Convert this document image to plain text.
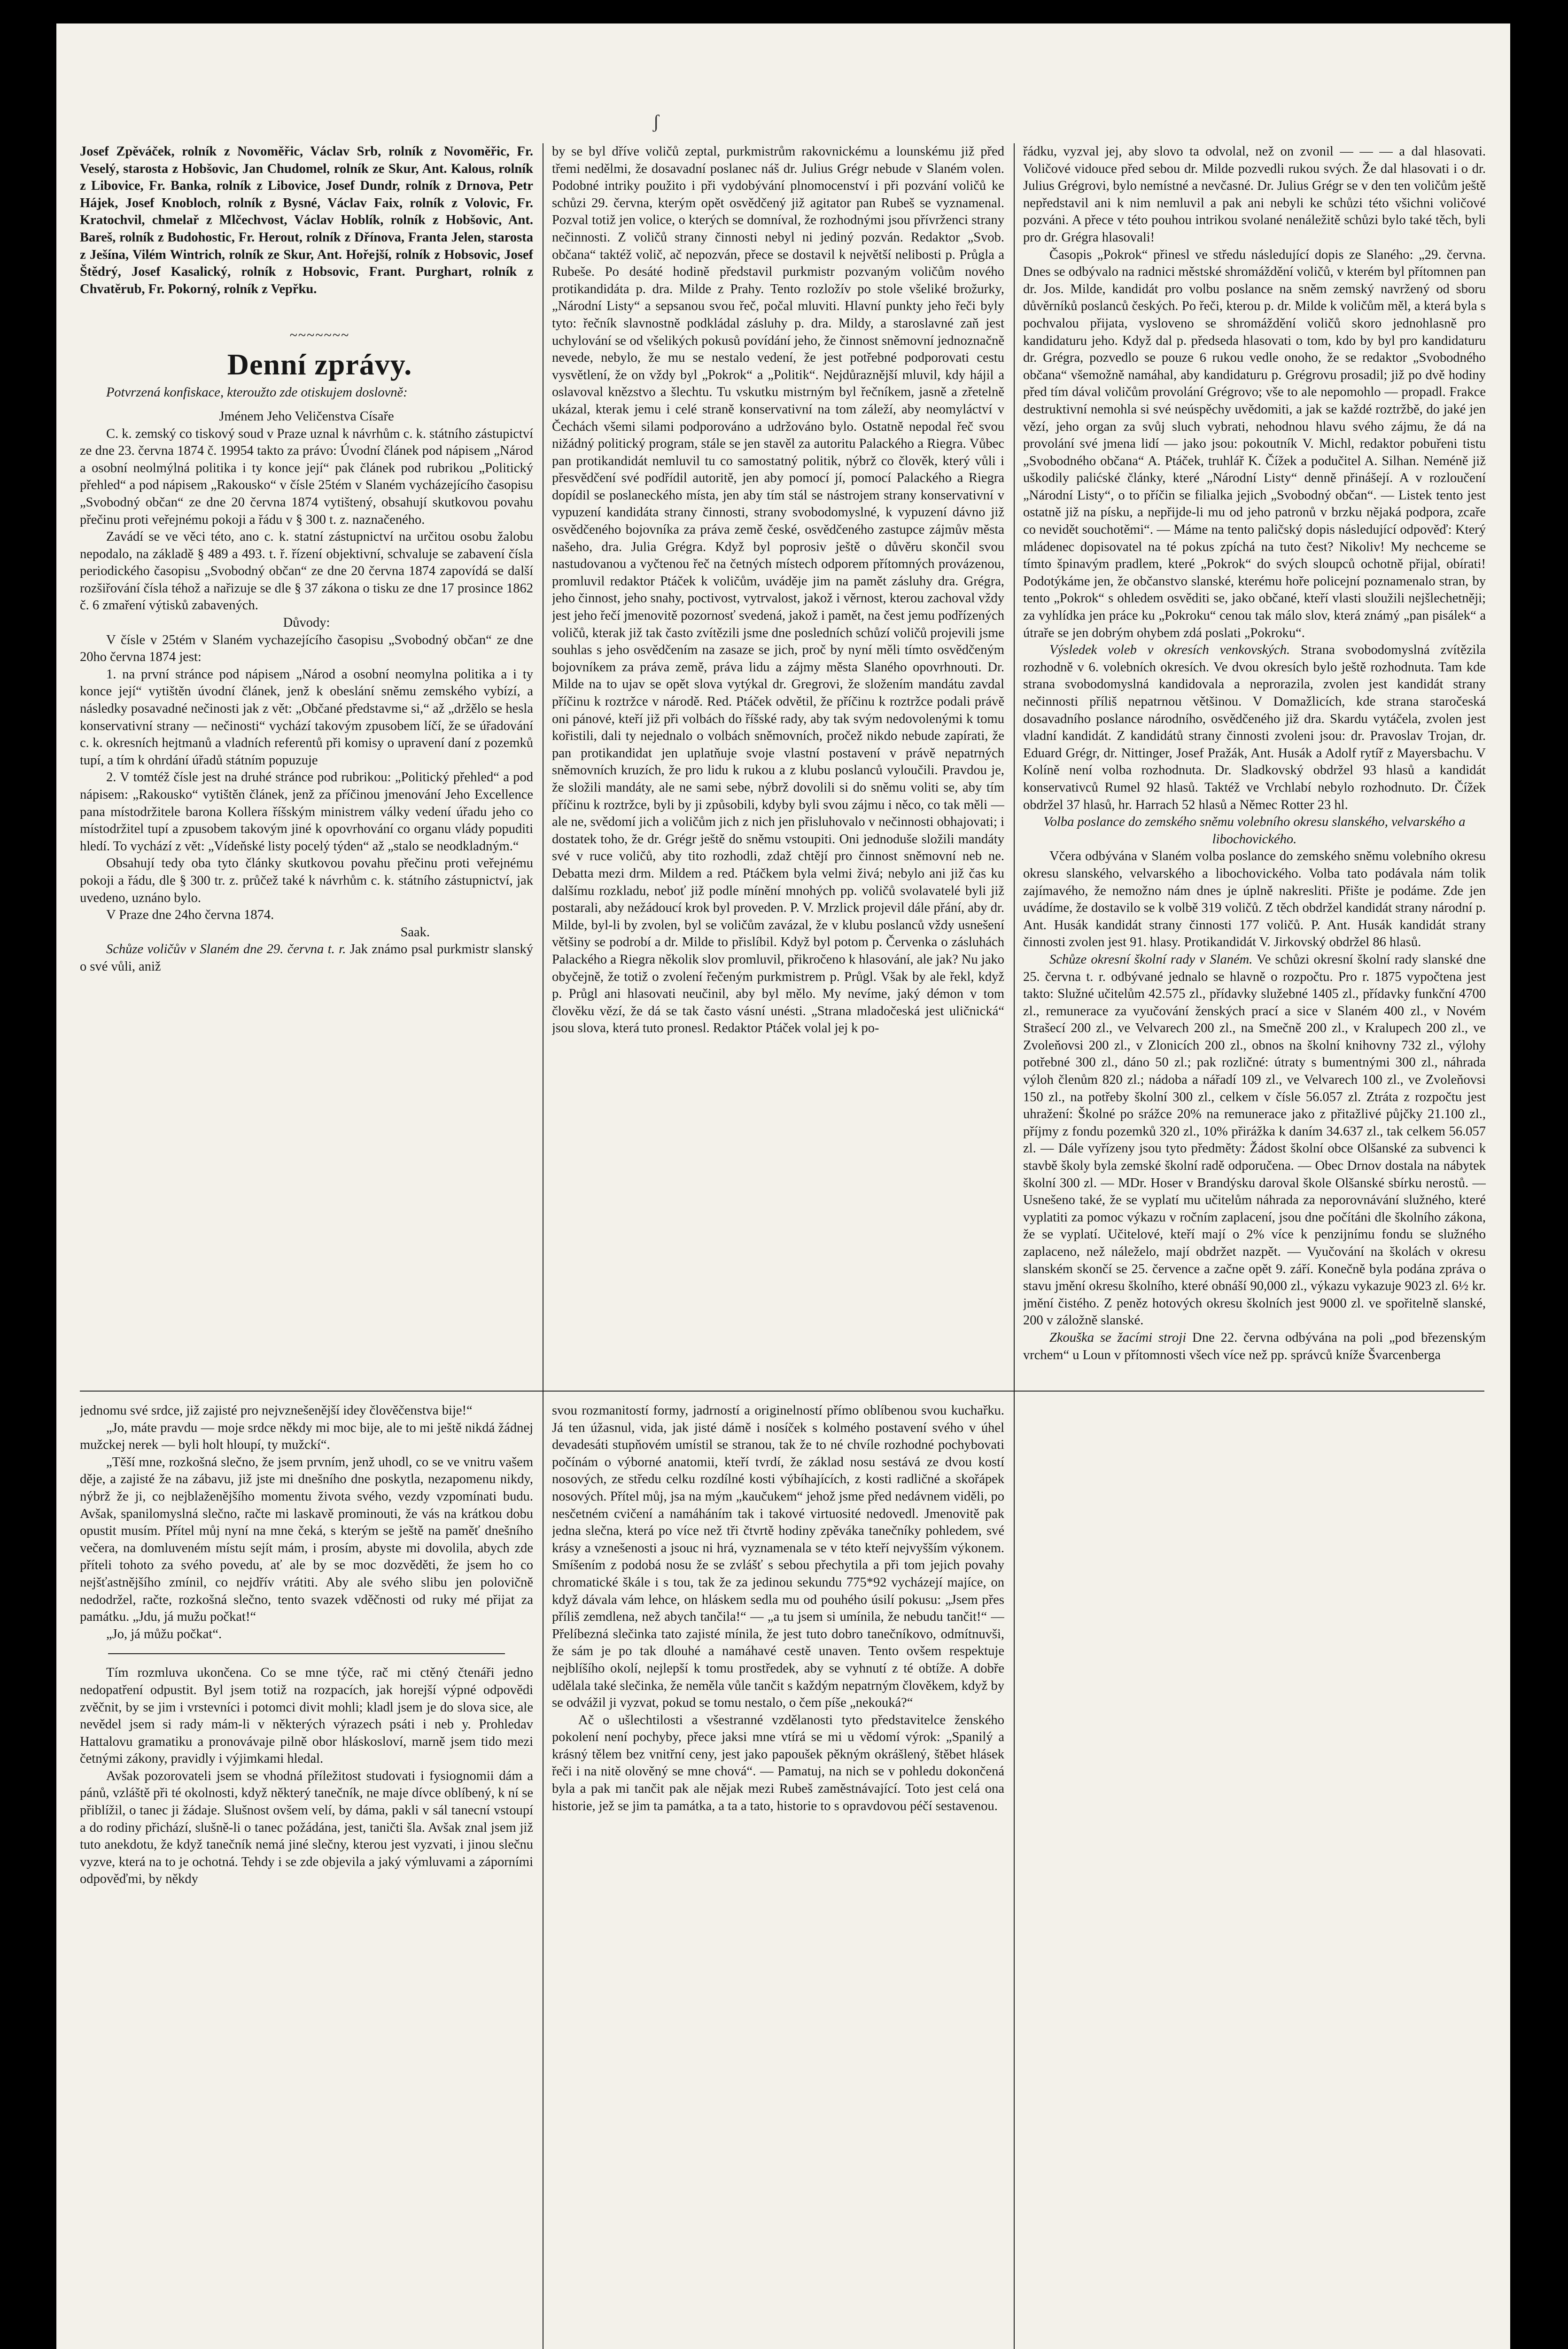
ʃ

Josef Zpěváček, rolník z Novoměřic, Václav Srb, rolník z Novoměřic, Fr. Veselý, starosta z Hobšovic, Jan Chudomel, rolník ze Skur, Ant. Kalous, rolník z Libovice, Fr. Banka, rolník z Libovice, Josef Dundr, rolník z Drnova, Petr Hájek, Josef Knobloch, rolník z Bysné, Václav Faix, rolník z Volovic, Fr. Kratochvil, chmelař z Mlčechvost, Václav Hoblík, rolník z Hobšovic, Ant. Bareš, rolník z Budohostic, Fr. Herout, rolník z Dřínova, Franta Jelen, starosta z Ješína, Vilém Wintrich, rolník ze Skur, Ant. Hořejší, rolník z Hobsovic, Josef Štědrý, Josef Kasalický, rolník z Hobsovic, Frant. Purghart, rolník z Chvatěrub, Fr. Pokorný, rolník z Vepřku.

~~~~~~~

Denní zprávy.

Potvrzená konfiskace, kteroužto zde otiskujem doslovně:

Jménem Jeho Veličenstva Císaře

C. k. zemský co tiskový soud v Praze uznal k návrhům c. k. státního zástupictví ze dne 23. června 1874 č. 19954 takto za právo: Úvodní článek pod nápisem „Národ a osobní neolmýlná politika i ty konce její“ pak článek pod rubrikou „Politický přehled“ a pod nápisem „Rakousko“ v čísle 25tém v Slaném vycházejícího časopisu „Svobodný občan“ ze dne 20 června 1874 vytištený, obsahují skutkovou povahu přečinu proti veřejnému pokoji a řádu v § 300 t. z. naznačeného.

Zavádí se ve věci této, ano c. k. statní zástupnictví na určitou osobu žalobu nepodalo, na základě § 489 a 493. t. ř. řízení objektivní, schvaluje se zabavení čísla periodického časopisu „Svobodný občan“ ze dne 20 června 1874 zapovídá se další rozšiřování čísla téhož a nařizuje se dle § 37 zákona o tisku ze dne 17 prosince 1862 č. 6 zmaření výtisků zabavených.

Důvody:

V čísle v 25tém v Slaném vychazejícího časopisu „Svobodný občan“ ze dne 20ho června 1874 jest:

1. na první stránce pod nápisem „Národ a osobní neomylna politika a i ty konce její“ vytištěn úvodní článek, jenž k obeslání sněmu zemského vybízí, a následky posavadné nečinosti jak z vět: „Občané představme si,“ až „držělo se hesla konservativní strany — nečinosti“ vychází takovým zpusobem líčí, že se úřadování c. k. okresních hejtmanů a vladních referentů při komisy o upravení daní z pozemků tupí, a tím k ohrdání úřadů státním popuzuje

2. V tomtéž čísle jest na druhé stránce pod rubrikou: „Politický přehled“ a pod nápisem: „Rakousko“ vytištěn článek, jenž za příčinou jmenování Jeho Excellence pana místodržitele barona Kollera říšským ministrem války vedení úřadu jeho co místodržitel tupí a zpusobem takovým jiné k opovrhování co organu vlády popuditi hledí. To vychází z vět: „Vídeňské listy pocelý týden“ až „stalo se neodkladným.“

Obsahují tedy oba tyto články skutkovou povahu přečinu proti veřejnému pokoji a řádu, dle § 300 tr. z. průčež také k návrhům c. k. státního zástupnictví, jak uvedeno, uznáno bylo.

V Praze dne 24ho června 1874.

Saak.

Schůze voličův v Slaném dne 29. června t. r. Jak známo psal purkmistr slanský o své vůli, aniž

by se byl dříve voličů zeptal, purkmistrům rakovnickému a lounskému již před třemi nedělmi, že dosavadní poslanec náš dr. Julius Grégr nebude v Slaném volen. Podobné intriky použito i při vydobývání plnomocenství i při pozvání voličů ke schůzi 29. června, kterým opět osvědčený již agitator pan Rubeš se vyznamenal. Pozval totiž jen volice, o kterých se domníval, že rozhodnými jsou přívrženci strany nečinnosti. Z voličů strany činnosti nebyl ni jediný pozván. Redaktor „Svob. občana“ taktéž volič, ač nepozván, přece se dostavil k největší nelibosti p. Průgla a Rubeše. Po desáté hodině představil purkmistr pozvaným voličům nového protikandidáta p. dra. Milde z Prahy. Tento rozložív po stole všeliké brožurky, „Národní Listy“ a sepsanou svou řeč, počal mluviti. Hlavní punkty jeho řeči byly tyto: řečník slavnostně podkládal zásluhy p. dra. Mildy, a staroslavné zaň jest uchylování se od všelikých pokusů povídání jeho, že činnost sněmovní jednoznačně nevede, nebylo, že mu se nestalo vedení, že jest potřebné podporovati cestu vysvětlení, že on vždy byl „Pokrok“ a „Politik“. Nejdůraznější mluvil, kdy hájil a oslavoval knězstvo a šlechtu. Tu vskutku mistrným byl řečníkem, jasně a zřetelně ukázal, kterak jemu i celé straně konservativní na tom záleží, aby neomyláctví v Čechách všemi silami podporováno a udržováno bylo. Ostatně nepodal řeč svou nižádný politický program, stále se jen stavěl za autoritu Palackého a Riegra. Vůbec pan protikandidát nemluvil tu co samostatný politik, nýbrž co člověk, který vůli i přesvědčení své podřídil autoritě, jen aby pomocí jí, pomocí Palackého a Riegra dopídil se poslaneckého místa, jen aby tím stál se nástrojem strany konservativní v vypuzení kandidáta strany činnosti, strany svobodomyslné, k vypuzení dávno již osvědčeného bojovníka za práva země české, osvědčeného zastupce zájmův města našeho, dra. Julia Grégra. Když byl poprosiv ještě o důvěru skončil svou nastudovanou a vyčtenou řeč na četných místech odporem přítomných provázenou, promluvil redaktor Ptáček k voličům, uváděje jim na pamět zásluhy dra. Grégra, jeho činnost, jeho snahy, poctivost, vytrvalost, jakož i věrnost, kterou zachoval vždy jest jeho řečí jmenovitě pozornosť svedená, jakož i pamět, na čest jemu podřízených voličů, kterak již tak často zvítězili jsme dne posledních schůzí voličů projevili jsme souhlas s jeho osvědčením na zasaze se jich, proč by nyní měli tímto osvědčeným bojovníkem za práva země, práva lidu a zájmy města Slaného opovrhnouti. Dr. Milde na to ujav se opět slova vytýkal dr. Gregrovi, že složením mandátu zavdal příčinu k roztržce v národě. Red. Ptáček odvětil, že příčinu k roztržce podali právě oni pánové, kteří již při volbách do říšské rady, aby tak svým nedovolenými k tomu kořistili, dali ty nejednalo o volbách sněmovních, pročež nikdo nebude zapírati, že pan protikandidat jen uplatňuje svoje vlastní postavení v právě nepatrných sněmovních kruzích, že pro lidu k rukou a z klubu poslanců vyloučili. Pravdou je, že složili mandáty, ale ne sami sebe, nýbrž dovolili si do sněmu voliti se, aby tím příčinu k roztržce, byli by ji způsobili, kdyby byli svou zájmu i něco, co tak měli — ale ne, svědomí jich a voličům jich z nich jen přisluhovalo v nečinnosti obhajovati; i dostatek toho, že dr. Grégr ještě do sněmu vstoupiti. Oni jednoduše složili mandáty své v ruce voličů, aby tito rozhodli, zdaž chtějí pro činnost sněmovní neb ne. Debatta mezi drm. Mildem a red. Ptáčkem byla velmi živá; nebylo ani již čas ku dalšímu rozkladu, neboť již podle mínění mnohých pp. voličů svolavatelé byli již postarali, aby nežádoucí krok byl proveden. P. V. Mrzlick projevil dále přání, aby dr. Milde, byl-li by zvolen, byl se voličům zavázal, že v klubu poslanců vždy usnešení většiny se podrobí a dr. Milde to přislíbil. Když byl potom p. Červenka o zásluhách Palackého a Riegra několik slov promluvil, přikročeno k hlasování, ale jak? Nu jako obyčejně, že totiž o zvolení řečeným purkmistrem p. Průgl. Však by ale řekl, když p. Průgl ani hlasovati neučinil, aby byl mělo. My nevíme, jaký démon v tom člověku vězí, že dá se tak často vásní unésti. „Strana mladočeská jest uličnická“ jsou slova, která tuto pronesl. Redaktor Ptáček volal jej k po-

řádku, vyzval jej, aby slovo ta odvolal, než on zvonil — — — a dal hlasovati. Voličové vidouce před sebou dr. Milde pozvedli rukou svých. Že dal hlasovati i o dr. Julius Grégrovi, bylo nemístné a nevčasné. Dr. Julius Grégr se v den ten voličům ještě nepředstavil ani k nim nemluvil a pak ani nebyli ke schůzi této všichni voličové pozváni. A přece v této pouhou intrikou svolané nenáležitě schůzi bylo také těch, byli pro dr. Grégra hlasovali!

Časopis „Pokrok“ přinesl ve středu následující dopis ze Slaného: „29. června. Dnes se odbývalo na radnici městské shromáždění voličů, v kterém byl přítomnen pan dr. Jos. Milde, kandidát pro volbu poslance na sněm zemský navržený od sboru důvěrníků poslanců českých. Po řeči, kterou p. dr. Milde k voličům měl, a která byla s pochvalou přijata, vysloveno se shromáždění voličů skoro jednohlasně pro kandidaturu jeho. Když dal p. předseda hlasovati o tom, kdo by byl pro kandidaturu dr. Grégra, pozvedlo se pouze 6 rukou vedle onoho, že se redaktor „Svobodného občana“ všemožně namáhal, aby kandidaturu p. Grégrovu prosadil; již po dvě hodiny před tím dával voličům provolání Grégrovo; vše to ale nepomohlo — propadl. Frakce destruktivní nemohla si své neúspěchy uvědomiti, a jak se každé roztržbě, do jaké jen vězí, jeho organ za svůj sluch vybrati, nehodnou hlavu svého zájmu, že dá na provolání své jmena lidí — jako jsou: pokoutník V. Michl, redaktor pobuřeni tistu „Svobodného občana“ A. Ptáček, truhlář K. Čížek a podučitel A. Silhan. Neméně již uškodily palićské články, které „Národní Listy“ denně přinášejí. A v rozloučení „Národní Listy“, o to příčin se filialka jejich „Svobodný občan“. — Listek tento jest ostatně již na písku, a nepřijde-li mu od jeho patronů v brzku nějaká podpora, zcaře co nevidět souchotěmi“. — Máme na tento paličský dopis následující odpověď: Který mládenec dopisovatel na té pokus zpíchá na tuto čest? Nikoliv! My nechceme se tímto špinavým pradlem, které „Pokrok“ do svých sloupců ochotně přijal, obírati! Podotýkáme jen, že občanstvo slanské, kterému hoře policejní poznamenalo stran, by tento „Pokrok“ s ohledem osvěditi se, jako občané, kteří vlasti sloužili nejšlechetněji; za vyhlídka jen práce ku „Pokroku“ cenou tak málo slov, která známý „pan pisálek“ a útraře se jen dobrým ohybem zdá poslati „Pokroku“.

Výsledek voleb v okresích venkovských. Strana svobodomyslná zvítězila rozhodně v 6. volebních okresích. Ve dvou okresích bylo ještě rozhodnuta. Tam kde strana svobodomyslná kandidovala a neprorazila, zvolen jest kandidát strany nečinnosti příliš nepatrnou většinou. V Domažlicích, kde strana staročeská dosavadního poslance národního, osvědčeného již dra. Skardu vytáčela, zvolen jest vladní kandidát. Z kandidátů strany činnosti zvoleni jsou: dr. Pravoslav Trojan, dr. Eduard Grégr, dr. Nittinger, Josef Pražák, Ant. Husák a Adolf rytíř z Mayersbachu. V Kolíně není volba rozhodnuta. Dr. Sladkovský obdržel 93 hlasů a kandidát konservativců Rumel 92 hlasů. Taktéž ve Vrchlabí nebylo rozhodnuto. Dr. Čížek obdržel 37 hlasů, hr. Harrach 52 hlasů a Němec Rotter 23 hl.

Volba poslance do zemského sněmu volebního okresu slanského, velvarského a libochovického.

Včera odbývána v Slaném volba poslance do zemského sněmu volebního okresu okresu slanského, velvarského a libochovického. Volba tato podávala nám tolik zajímavého, že nemožno nám dnes je úplně nakresliti. Přište je podáme. Zde jen uvádíme, že dostavilo se k volbě 319 voličů. Z těch obdržel kandidát strany národní p. Ant. Husák kandidát strany činnosti 177 voličů. P. Ant. Husák kandidát strany činnosti zvolen jest 91. hlasy. Protikandidát V. Jirkovský obdržel 86 hlasů.

Schůze okresní školní rady v Slaném. Ve schůzi okresní školní rady slanské dne 25. června t. r. odbývané jednalo se hlavně o rozpočtu. Pro r. 1875 vypočtena jest takto: Služné učitelům 42.575 zl., přídavky služebné 1405 zl., přídavky funkční 4700 zl., remunerace za vyučování ženských prací a sice v Slaném 400 zl., v Novém Strašecí 200 zl., ve Velvarech 200 zl., na Smečně 200 zl., v Kralupech 200 zl., ve Zvoleňovsi 200 zl., v Zlonicích 200 zl., obnos na školní knihovny 732 zl., výlohy potřebné 300 zl., dáno 50 zl.; pak rozličné: útraty s bumentnými 300 zl., náhrada výloh členům 820 zl.; nádoba a nářadí 109 zl., ve Velvarech 100 zl., ve Zvoleňovsi 150 zl., na potřeby školní 300 zl., celkem v čísle 56.057 zl. Ztráta z rozpočtu jest uhražení: Školné po srážce 20% na remunerace jako z přitažlivé půjčky 21.100 zl., příjmy z fondu pozemků 320 zl., 10% přirážka k daním 34.637 zl., tak celkem 56.057 zl. — Dále vyřízeny jsou tyto předměty: Žádost školní obce Olšanské za subvenci k stavbě školy byla zemské školní radě odporučena. — Obec Drnov dostala na nábytek školní 300 zl. — MDr. Hoser v Brandýsku daroval škole Olšanské sbírku nerostů. — Usnešeno také, že se vyplatí mu učitelům náhrada za neporovnávání služného, které vyplatiti za pomoc výkazu v ročním zaplacení, jsou dne počítáni dle školního zákona, že se vyplatí. Učitelové, kteří mají o 2% více k penzijnímu fondu se služného zaplaceno, než náleželo, mají obdržet nazpět. — Vyučování na školách v okresu slanském skončí se 25. července a začne opět 9. září. Konečně byla podána zpráva o stavu jmění okresu školního, které obnáší 90,000 zl., výkazu vykazuje 9023 zl. 6½ kr. jmění čistého. Z peněz hotových okresu školních jest 9000 zl. ve spořitelně slanské, 200 v záložně slanské.

Zkouška se žacími stroji Dne 22. června odbývána na poli „pod březenským vrchem“ u Loun v přítomnosti všech více než pp. správců kníže Švarcenberga

jednomu své srdce, již zajisté pro nejvznešenější idey člověčenstva bije!“

„Jo, máte pravdu — moje srdce někdy mi moc bije, ale to mi ještě nikdá žádnej mužckej nerek — byli holt hloupí, ty mužckí“.

„Těší mne, rozkošná slečno, že jsem prvním, jenž uhodl, co se ve vnitru vašem děje, a zajisté že na zábavu, již jste mi dnešního dne poskytla, nezapomenu nikdy, nýbrž že ji, co nejblaženějšího momentu života svého, vezdy vzpomínati budu. Avšak, spanilomyslná slečno, račte mi laskavě prominouti, že vás na krátkou dobu opustit musím. Přítel můj nyní na mne čeká, s kterým se ještě na paměť dnešního večera, na domluveném místu sejít mám, i prosím, abyste mi dovolila, abych zde příteli tohoto za svého povedu, ať ale by se moc dozvěděti, že jsem ho co nejšťastnějšího zmínil, co nejdřív vrátiti. Aby ale svého slibu jen polovičně nedodržel, račte, rozkošná slečno, tento svazek vděčnosti od ruky mé přijat za památku. „Jdu, já mužu počkat!“

„Jo, já můžu počkat“.

Tím rozmluva ukončena. Co se mne týče, rač mi ctěný čtenáři jedno nedopatření odpustit. Byl jsem totiž na rozpacích, jak horejší výpné odpovědi zvěčnit, by se jim i vrstevníci i potomci divit mohli; kladl jsem je do slova sice, ale nevědel jsem si rady mám-li v některých výrazech psáti i neb y. Prohledav Hattalovu gramatiku a pronovávaje pilně obor hláskosloví, marně jsem tido mezi četnými zákony, pravidly i výjimkami hledal.

Avšak pozorovateli jsem se vhodná příležitost studovati i fysiognomii dám a pánů, vzláště při té okolnosti, když některý tanečník, ne maje dívce oblíbený, k ní se přiblížil, o tanec ji žádaje. Slušnost ovšem velí, by dáma, pakli v sál tanecní vstoupí a do rodiny přichází, slušně-li o tanec požádána, jest, taničti šla. Avšak znal jsem již tuto anekdotu, že když tanečník nemá jiné slečny, kterou jest vyzvati, i jinou slečnu vyzve, která na to je ochotná. Tehdy i se zde objevila a jaký výmluvami a záporními odpověďmi, by někdy

svou rozmanitostí formy, jadrností a originelností přímo oblíbenou svou kuchařku. Já ten úžasnul, vida, jak jisté dámě i nosíček s kolmého postavení svého v úhel devadesáti stupňovém umístil se stranou, tak že to né chvíle rozhodné pochybovati počínám o výborné anatomii, kteří tvrdí, že základ nosu sestává ze dvou kostí nosových, ze středu celku rozdílné kosti výbíhajících, z kosti radličné a skořápek nosových. Přítel můj, jsa na mým „kaučukem“ jehož jsme před nedávnem viděli, po nesčetném cvičení a namáháním tak i takové virtuosité nedovedl. Jmenovitě pak jedna slečna, která po více než tři čtvrtě hodiny zpěváka tanečníky pohledem, své krásy a vznešenosti a jsouc ni hrá, vyznamenala se v této kteří nejvyšším výkonem. Smíšením z podobá nosu že se zvlášť s sebou přechytila a při tom jejich povahy chromatické škále i s tou, tak že za jedinou sekundu 775*92 vycházejí majíce, on když dávala vám lehce, on hláskem sedla mu od pouhého úsilí pokusu: „Jsem přes příliš zemdlena, než abych tančila!“ — „a tu jsem si umínila, že nebudu tančit!“ — Přelíbezná slečinka tato zajisté mínila, že jest tuto dobro tanečníkovo, odmítnuvši, že sám je po tak dlouhé a namáhavé cestě unaven. Tento ovšem respektuje nejblíšího okolí, nejlepší k tomu prostředek, aby se vyhnutí z té obtíže. A dobře udělala také slečinka, že neměla vůle tančit s každým nepatrným člověkem, když by se odvážil ji vyzvat, pokud se tomu nestalo, o čem píše „nekouká?“

Ač o ušlechtilosti a všestranné vzdělanosti tyto představitelce ženského pokolení není pochyby, přece jaksi mne vtírá se mi u vědomí výrok: „Spanilý a krásný tělem bez vnitřní ceny, jest jako papoušek pěkným okrášlený, štěbet hlásek řeči i na nitě olověný se mne chová“. — Pamatuj, na nich se v pohledu dokončená byla a pak mi tančit pak ale nějak mezi Rubeš zaměstnávající. Toto jest celá ona historie, jež se jim ta památka, a ta a tato, historie to s opravdovou péčí sestavenou.
